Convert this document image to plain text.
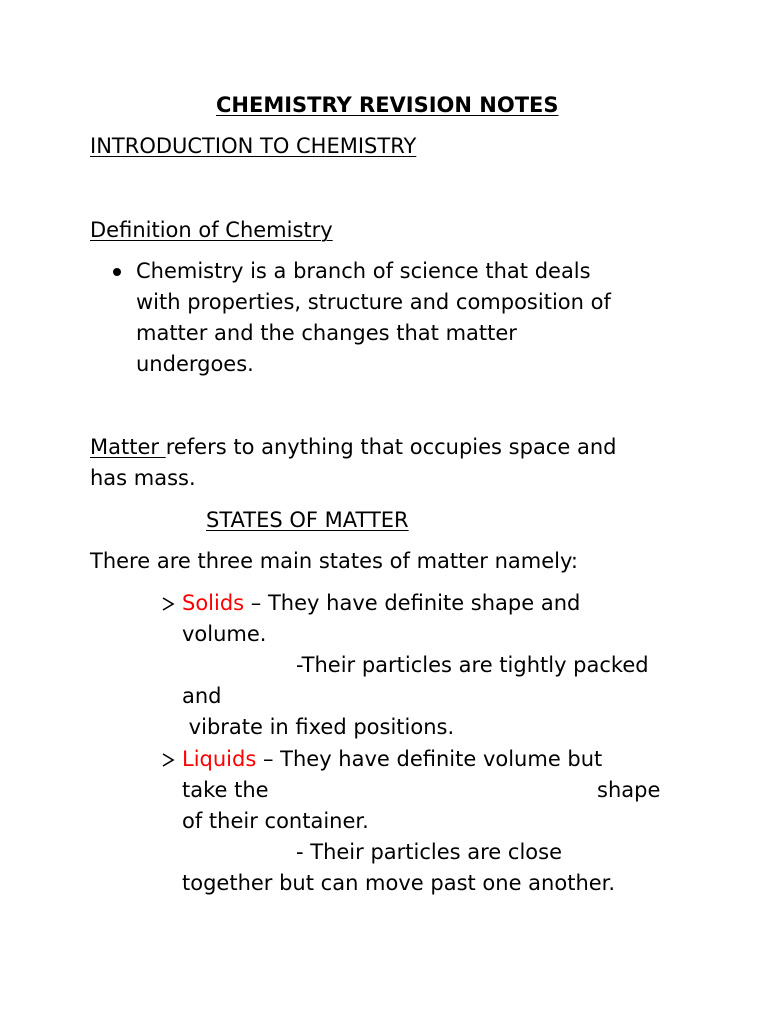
CHEMISTRY REVISION NOTES
INTRODUCTION TO CHEMISTRY
Definition of Chemistry
Chemistry is a branch of science that deals
with properties, structure and composition of
matter and the changes that matter
undergoes.
Matter refers to anything that occupies space and
has mass.
STATES OF MATTER
There are three main states of matter namely:
Solids – They have definite shape and
volume.
-Their particles are tightly packed
and
vibrate in fixed positions.
Liquids – They have definite volume but
take the	shape
of their container.
- Their particles are close
together but can move past one another.
